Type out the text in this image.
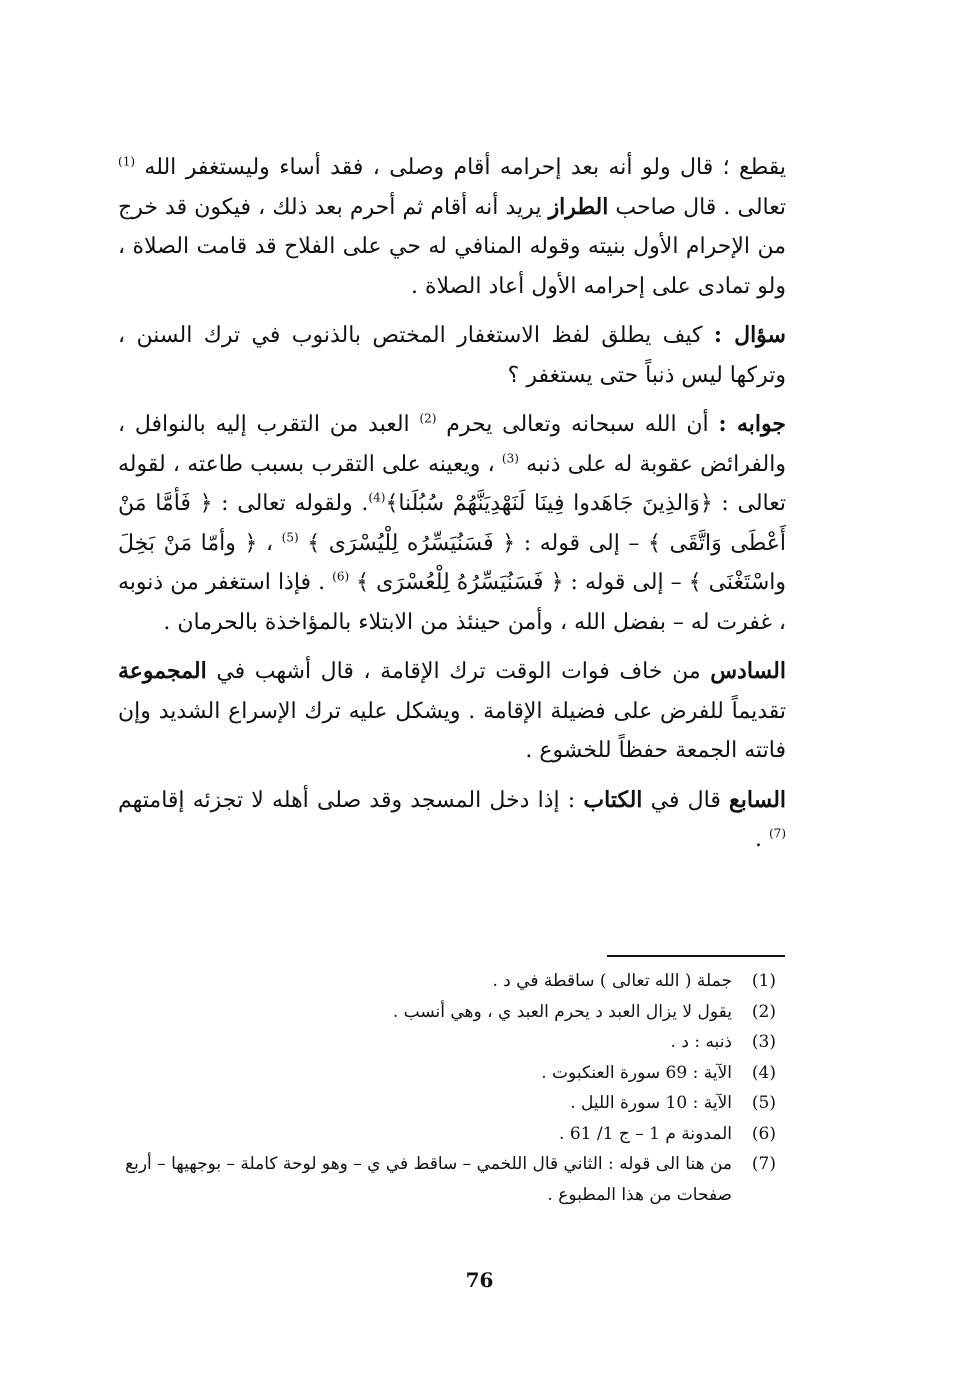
يقطع ؛ قال ولو أنه بعد إحرامه أقام وصلى ، فقد أساء وليستغفر الله $^{(1)}$ تعالى . قال صاحب الطراز يريد أنه أقام ثم أحرم بعد ذلك ، فيكون قد خرج من الإحرام الأول بنيته وقوله المنافي له حي على الفلاح قد قامت الصلاة ، ولو تمادى على إحرامه الأول أعاد الصلاة .

سؤال : كيف يطلق لفظ الاستغفار المختص بالذنوب في ترك السنن ، وتركها ليس ذنباً حتى يستغفر ؟

جوابه : أن الله سبحانه وتعالى يحرم $^{(2)}$ العبد من التقرب إليه بالنوافل ، والفرائض عقوبة له على ذنبه $^{(3)}$ ، ويعينه على التقرب بسبب طاعته ، لقوله تعالى : ﴿وَالذِينَ جَاهَدوا فِينَا لَنَهْدِيَنَّهُمْ سُبُلَنا﴾$^{(4)}$. ولقوله تعالى : ﴿ فَأمَّا مَنْ أَعْطَى وَاتَّقَى ﴾ – إلى قوله : ﴿ فَسَنُيَسِّرُه لِلْيُسْرَى ﴾ $^{(5)}$ ، ﴿ وأمّا مَنْ بَخِلَ واسْتَغْنَى ﴾ – إلى قوله : ﴿ فَسَنُيَسِّرُهُ لِلْعُسْرَى ﴾ $^{(6)}$ . فإذا استغفر من ذنوبه ، غفرت له – بفضل الله ، وأمن حينئذ من الابتلاء بالمؤاخذة بالحرمان .

السادس من خاف فوات الوقت ترك الإقامة ، قال أشهب في المجموعة تقديماً للفرض على فضيلة الإقامة . ويشكل عليه ترك الإسراع الشديد وإن فاتته الجمعة حفظاً للخشوع .

السابع قال في الكتاب : إذا دخل المسجد وقد صلى أهله لا تجزئه إقامتهم $^{(7)}$ .

(1)
جملة ( الله تعالى ) ساقطة في د .
(2)
يقول لا يزال العبد د يحرم العبد ي ، وهي أنسب .
(3)
ذنبه : د .
(4)
الآية : 69 سورة العنكبوت .
(5)
الآية : 10 سورة الليل .
(6)
المدونة م 1 – ج 1/ 61 .
(7)
من هنا الى قوله : الثاني قال اللخمي – ساقط في ي – وهو لوحة كاملة – بوجهيها – أربع صفحات من هذا المطبوع .
76
